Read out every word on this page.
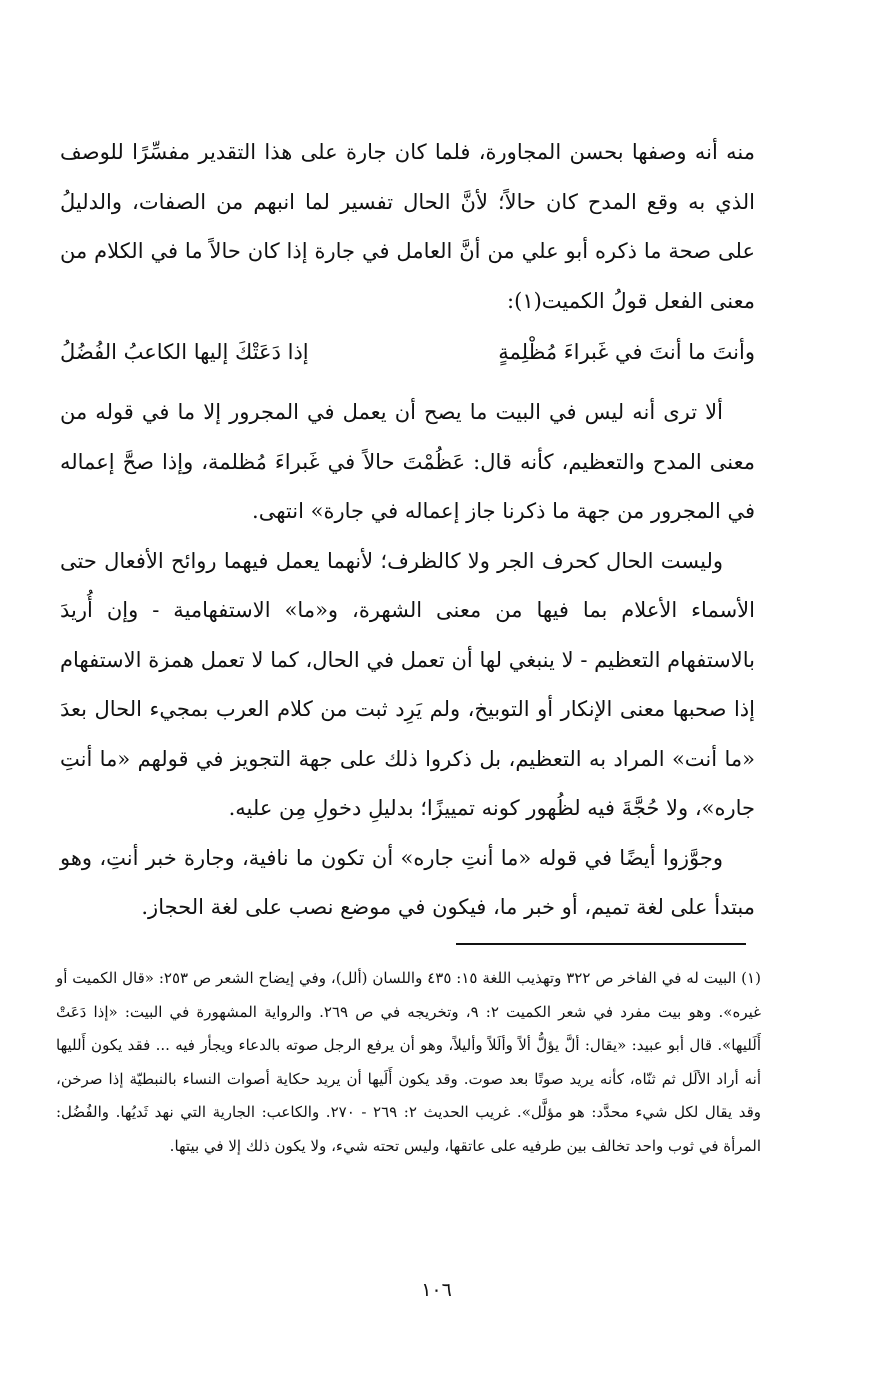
منه أنه وصفها بحسن المجاورة، فلما كان جارة على هذا التقدير مفسِّرًا للوصف الذي به وقع المدح كان حالاً؛ لأنَّ الحال تفسير لما انبهم من الصفات، والدليلُ على صحة ما ذكره أبو علي من أنَّ العامل في جارة إذا كان حالاً ما في الكلام من معنى الفعل قولُ الكميت(١):

وأنتَ ما أنتَ في غَبراءَ مُظْلِمةٍ
إذا دَعَتْكَ إليها الكاعبُ الفُضُلُ

ألا ترى أنه ليس في البيت ما يصح أن يعمل في المجرور إلا ما في قوله من معنى المدح والتعظيم، كأنه قال: عَظُمْتَ حالاً في غَبراءَ مُظلمة، وإذا صحَّ إعماله في المجرور من جهة ما ذكرنا جاز إعماله في جارة» انتهى.

وليست الحال كحرف الجر ولا كالظرف؛ لأنهما يعمل فيهما روائح الأفعال حتى الأسماء الأعلام بما فيها من معنى الشهرة، و«ما» الاستفهامية - وإن أُريدَ بالاستفهام التعظيم - لا ينبغي لها أن تعمل في الحال، كما لا تعمل همزة الاستفهام إذا صحبها معنى الإنكار أو التوبيخ، ولم يَرِد ثبت من كلام العرب بمجيء الحال بعدَ «ما أنت» المراد به التعظيم، بل ذكروا ذلك على جهة التجويز في قولهم «ما أنتِ جاره»، ولا حُجَّةَ فيه لظُهور كونه تمييزًا؛ بدليلِ دخولِ مِن عليه.

وجوَّزوا أيضًا في قوله «ما أنتِ جاره» أن تكون ما نافية، وجارة خبر أنتِ، وهو مبتدأ على لغة تميم، أو خبر ما، فيكون في موضع نصب على لغة الحجاز.

(١) البيت له في الفاخر ص ٣٢٢ وتهذيب اللغة ١٥: ٤٣٥ واللسان (ألل)، وفي إيضاح الشعر ص ٢٥٣: «قال الكميت أو غيره». وهو بيت مفرد في شعر الكميت ٢: ٩، وتخريجه في ص ٢٦٩. والرواية المشهورة في البيت: «إذا دَعَتْ أَلَليها». قال أبو عبيد: «يقال: ألَّ يؤلُّ ألاً وألَلاً وأليلاً، وهو أن يرفع الرجل صوته بالدعاء ويجأر فيه ... فقد يكون أَلليها أنه أراد الألَل ثم ثنّاه، كأنه يريد صوتًا بعد صوت. وقد يكون أَلَيها أن يريد حكاية أصوات النساء بالنبطيّة إذا صرخن، وقد يقال لكل شيء محدَّد: هو مؤلَّل». غريب الحديث ٢: ٢٦٩ - ٢٧٠. والكاعب: الجارية التي نهد ثَديُها. والفُضُل: المرأة في ثوب واحد تخالف بين طرفيه على عاتقها، وليس تحته شيء، ولا يكون ذلك إلا في بيتها.

١٠٦
